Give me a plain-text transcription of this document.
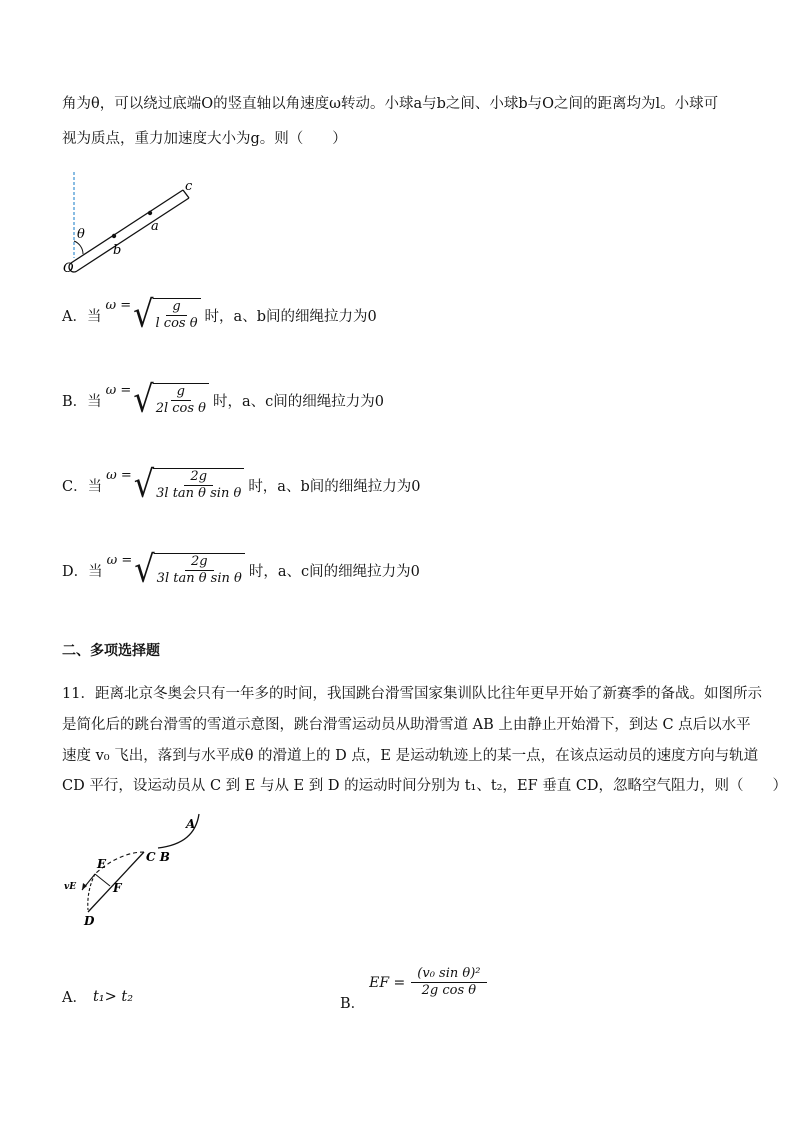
角为θ，可以绕过底端O的竖直轴以角速度ω转动。小球a与b之间、小球b与O之间的距离均为l。小球可
视为质点，重力加速度大小为g。则（　　）
c
a
b
θ
O
A． 当
ω = √ $\frac{g}{\text{l cos θ}}$ 时，a、b间的细绳拉力为0
B． 当
ω = √ $\frac{g}{\text{2l cos θ}}$ 时，a、c间的细绳拉力为0
C． 当
ω = √ $\frac{2g}{\text{3l tan θ sin θ}}$ 时，a、b间的细绳拉力为0
D． 当
ω = √ $\frac{2g}{\text{3l tan θ sin θ}}$ 时，a、c间的细绳拉力为0
二、多项选择题
11．距离北京冬奥会只有一年多的时间，我国跳台滑雪国家集训队比往年更早开始了新赛季的备战。如图所示
是简化后的跳台滑雪的雪道示意图，跳台滑雪运动员从助滑雪道 AB 上由静止开始滑下，到达 C 点后以水平
速度 v₀ 飞出，落到与水平成θ 的滑道上的 D 点，E 是运动轨迹上的某一点，在该点运动员的速度方向与轨道
CD 平行，设运动员从 C 到 E 与从 E 到 D 的运动时间分别为 t₁、t₂，EF 垂直 CD，忽略空气阻力，则（　　）
A
C B
E
F
D
vE
A． t₁> t₂	B．
EF = $\frac{\text{(v₀ sin θ)²}}{\text{2g cos θ}}$
